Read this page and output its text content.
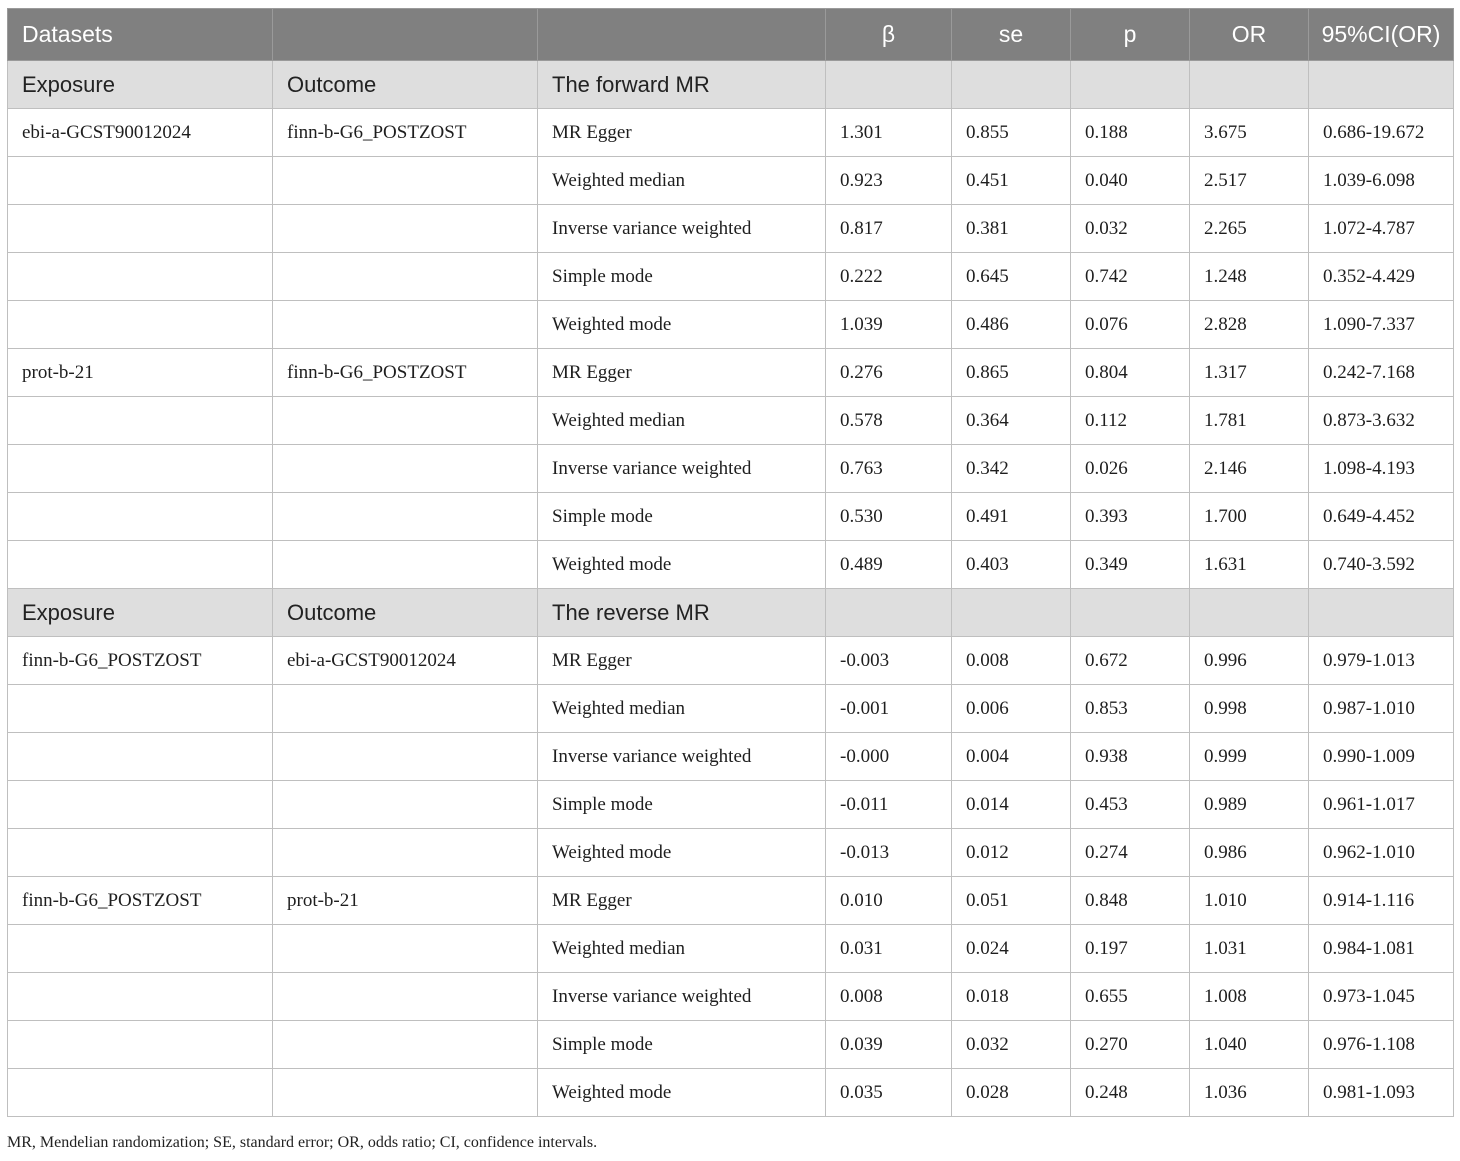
Datasets			β	se	p	OR	95%CI(OR)
Exposure	Outcome	The forward MR					
ebi-a-GCST90012024	finn-b-G6_POSTZOST	MR Egger	1.301	0.855	0.188	3.675	0.686-19.672
		Weighted median	0.923	0.451	0.040	2.517	1.039-6.098
		Inverse variance weighted	0.817	0.381	0.032	2.265	1.072-4.787
		Simple mode	0.222	0.645	0.742	1.248	0.352-4.429
		Weighted mode	1.039	0.486	0.076	2.828	1.090-7.337
prot-b-21	finn-b-G6_POSTZOST	MR Egger	0.276	0.865	0.804	1.317	0.242-7.168
		Weighted median	0.578	0.364	0.112	1.781	0.873-3.632
		Inverse variance weighted	0.763	0.342	0.026	2.146	1.098-4.193
		Simple mode	0.530	0.491	0.393	1.700	0.649-4.452
		Weighted mode	0.489	0.403	0.349	1.631	0.740-3.592
Exposure	Outcome	The reverse MR					
finn-b-G6_POSTZOST	ebi-a-GCST90012024	MR Egger	-0.003	0.008	0.672	0.996	0.979-1.013
		Weighted median	-0.001	0.006	0.853	0.998	0.987-1.010
		Inverse variance weighted	-0.000	0.004	0.938	0.999	0.990-1.009
		Simple mode	-0.011	0.014	0.453	0.989	0.961-1.017
		Weighted mode	-0.013	0.012	0.274	0.986	0.962-1.010
finn-b-G6_POSTZOST	prot-b-21	MR Egger	0.010	0.051	0.848	1.010	0.914-1.116
		Weighted median	0.031	0.024	0.197	1.031	0.984-1.081
		Inverse variance weighted	0.008	0.018	0.655	1.008	0.973-1.045
		Simple mode	0.039	0.032	0.270	1.040	0.976-1.108
		Weighted mode	0.035	0.028	0.248	1.036	0.981-1.093
MR, Mendelian randomization; SE, standard error; OR, odds ratio; CI, confidence intervals.
